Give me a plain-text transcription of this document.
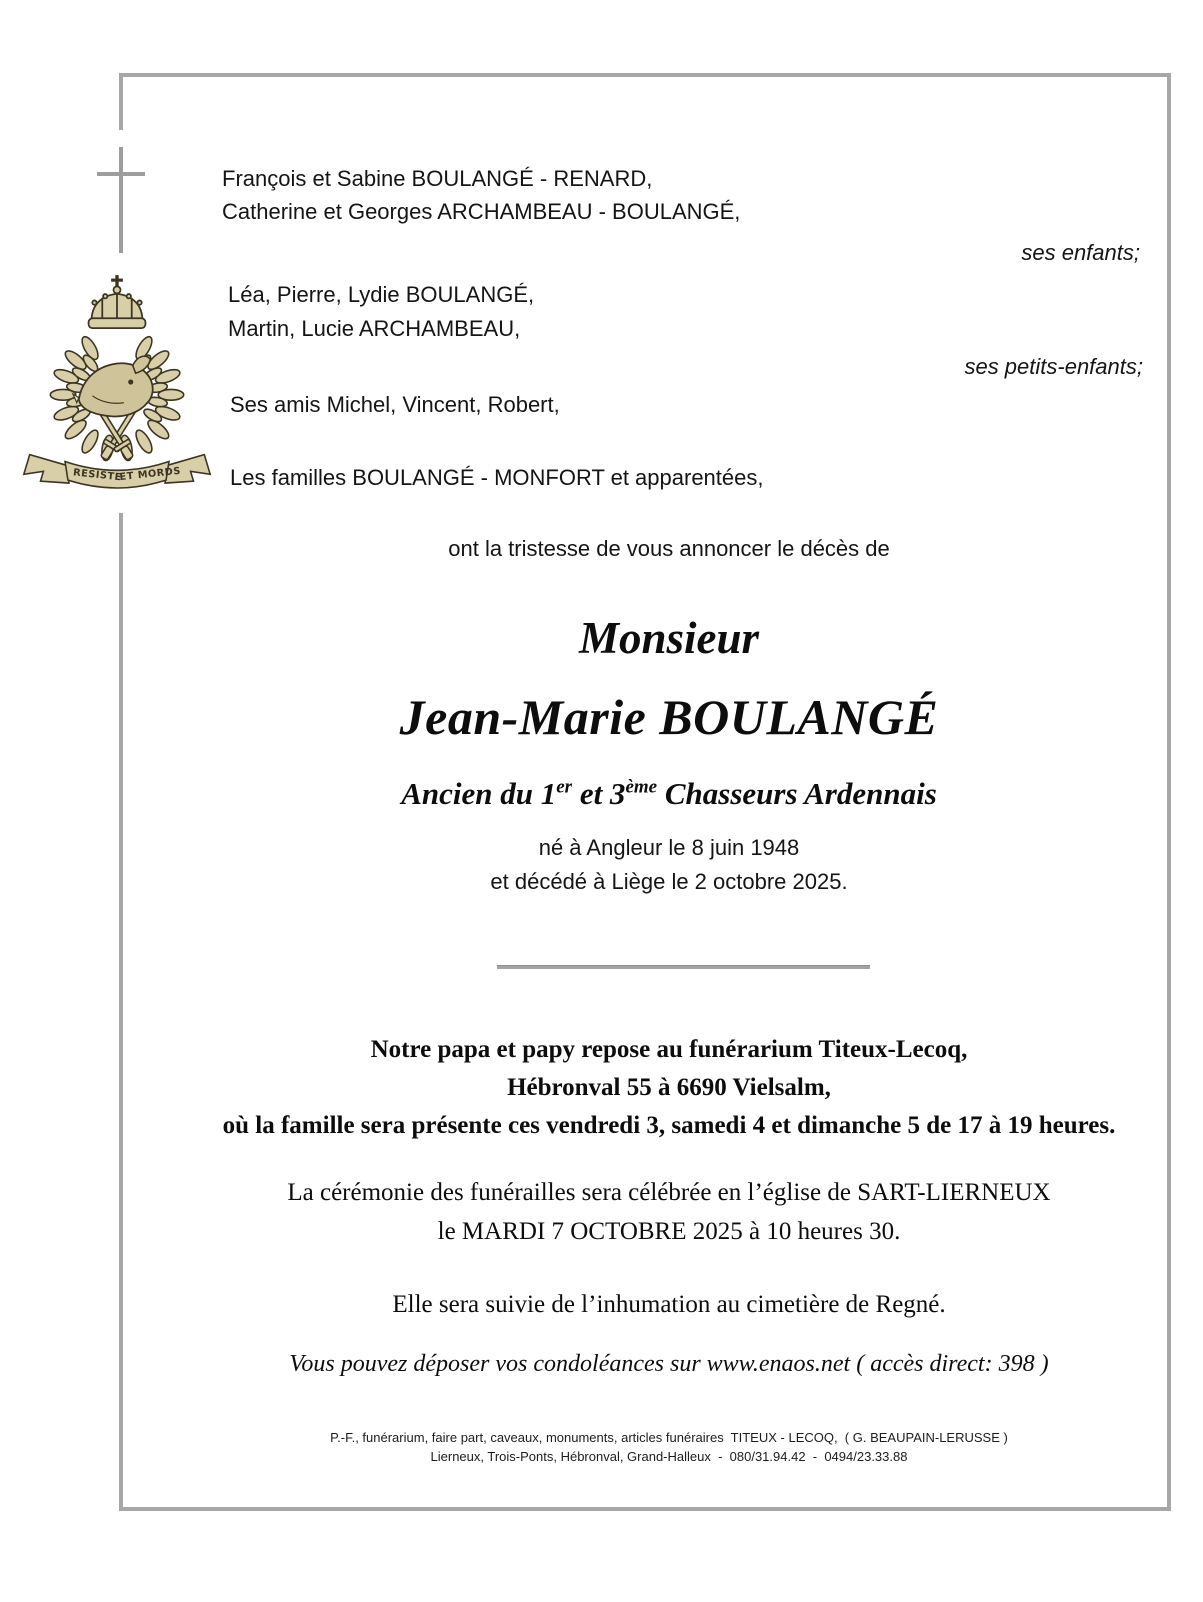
RESISTE
ET MORDS
François et Sabine BOULANGÉ - RENARD,
Catherine et Georges ARCHAMBEAU - BOULANGÉ,
ses enfants;
Léa, Pierre, Lydie BOULANGÉ,
Martin, Lucie ARCHAMBEAU,
ses petits-enfants;
Ses amis Michel, Vincent, Robert,
Les familles BOULANGÉ - MONFORT et apparentées,
ont la tristesse de vous annoncer le décès de
Monsieur
Jean-Marie BOULANGÉ
Ancien du 1er et 3ème Chasseurs Ardennais
né à Angleur le 8 juin 1948
et décédé à Liège le 2 octobre 2025.
Notre papa et papy repose au funérarium Titeux-Lecoq,
Hébronval 55 à 6690 Vielsalm,
où la famille sera présente ces vendredi 3, samedi 4 et dimanche 5 de 17 à 19 heures.
La cérémonie des funérailles sera célébrée en l’église de SART-LIERNEUX
le MARDI 7 OCTOBRE 2025 à 10 heures 30.
Elle sera suivie de l’inhumation au cimetière de Regné.
Vous pouvez déposer vos condoléances sur www.enaos.net ( accès direct: 398 )
P.-F., funérarium, faire part, caveaux, monuments, articles funéraires  TITEUX - LECOQ,  ( G. BEAUPAIN-LERUSSE )
Lierneux, Trois-Ponts, Hébronval, Grand-Halleux  -  080/31.94.42  -  0494/23.33.88
